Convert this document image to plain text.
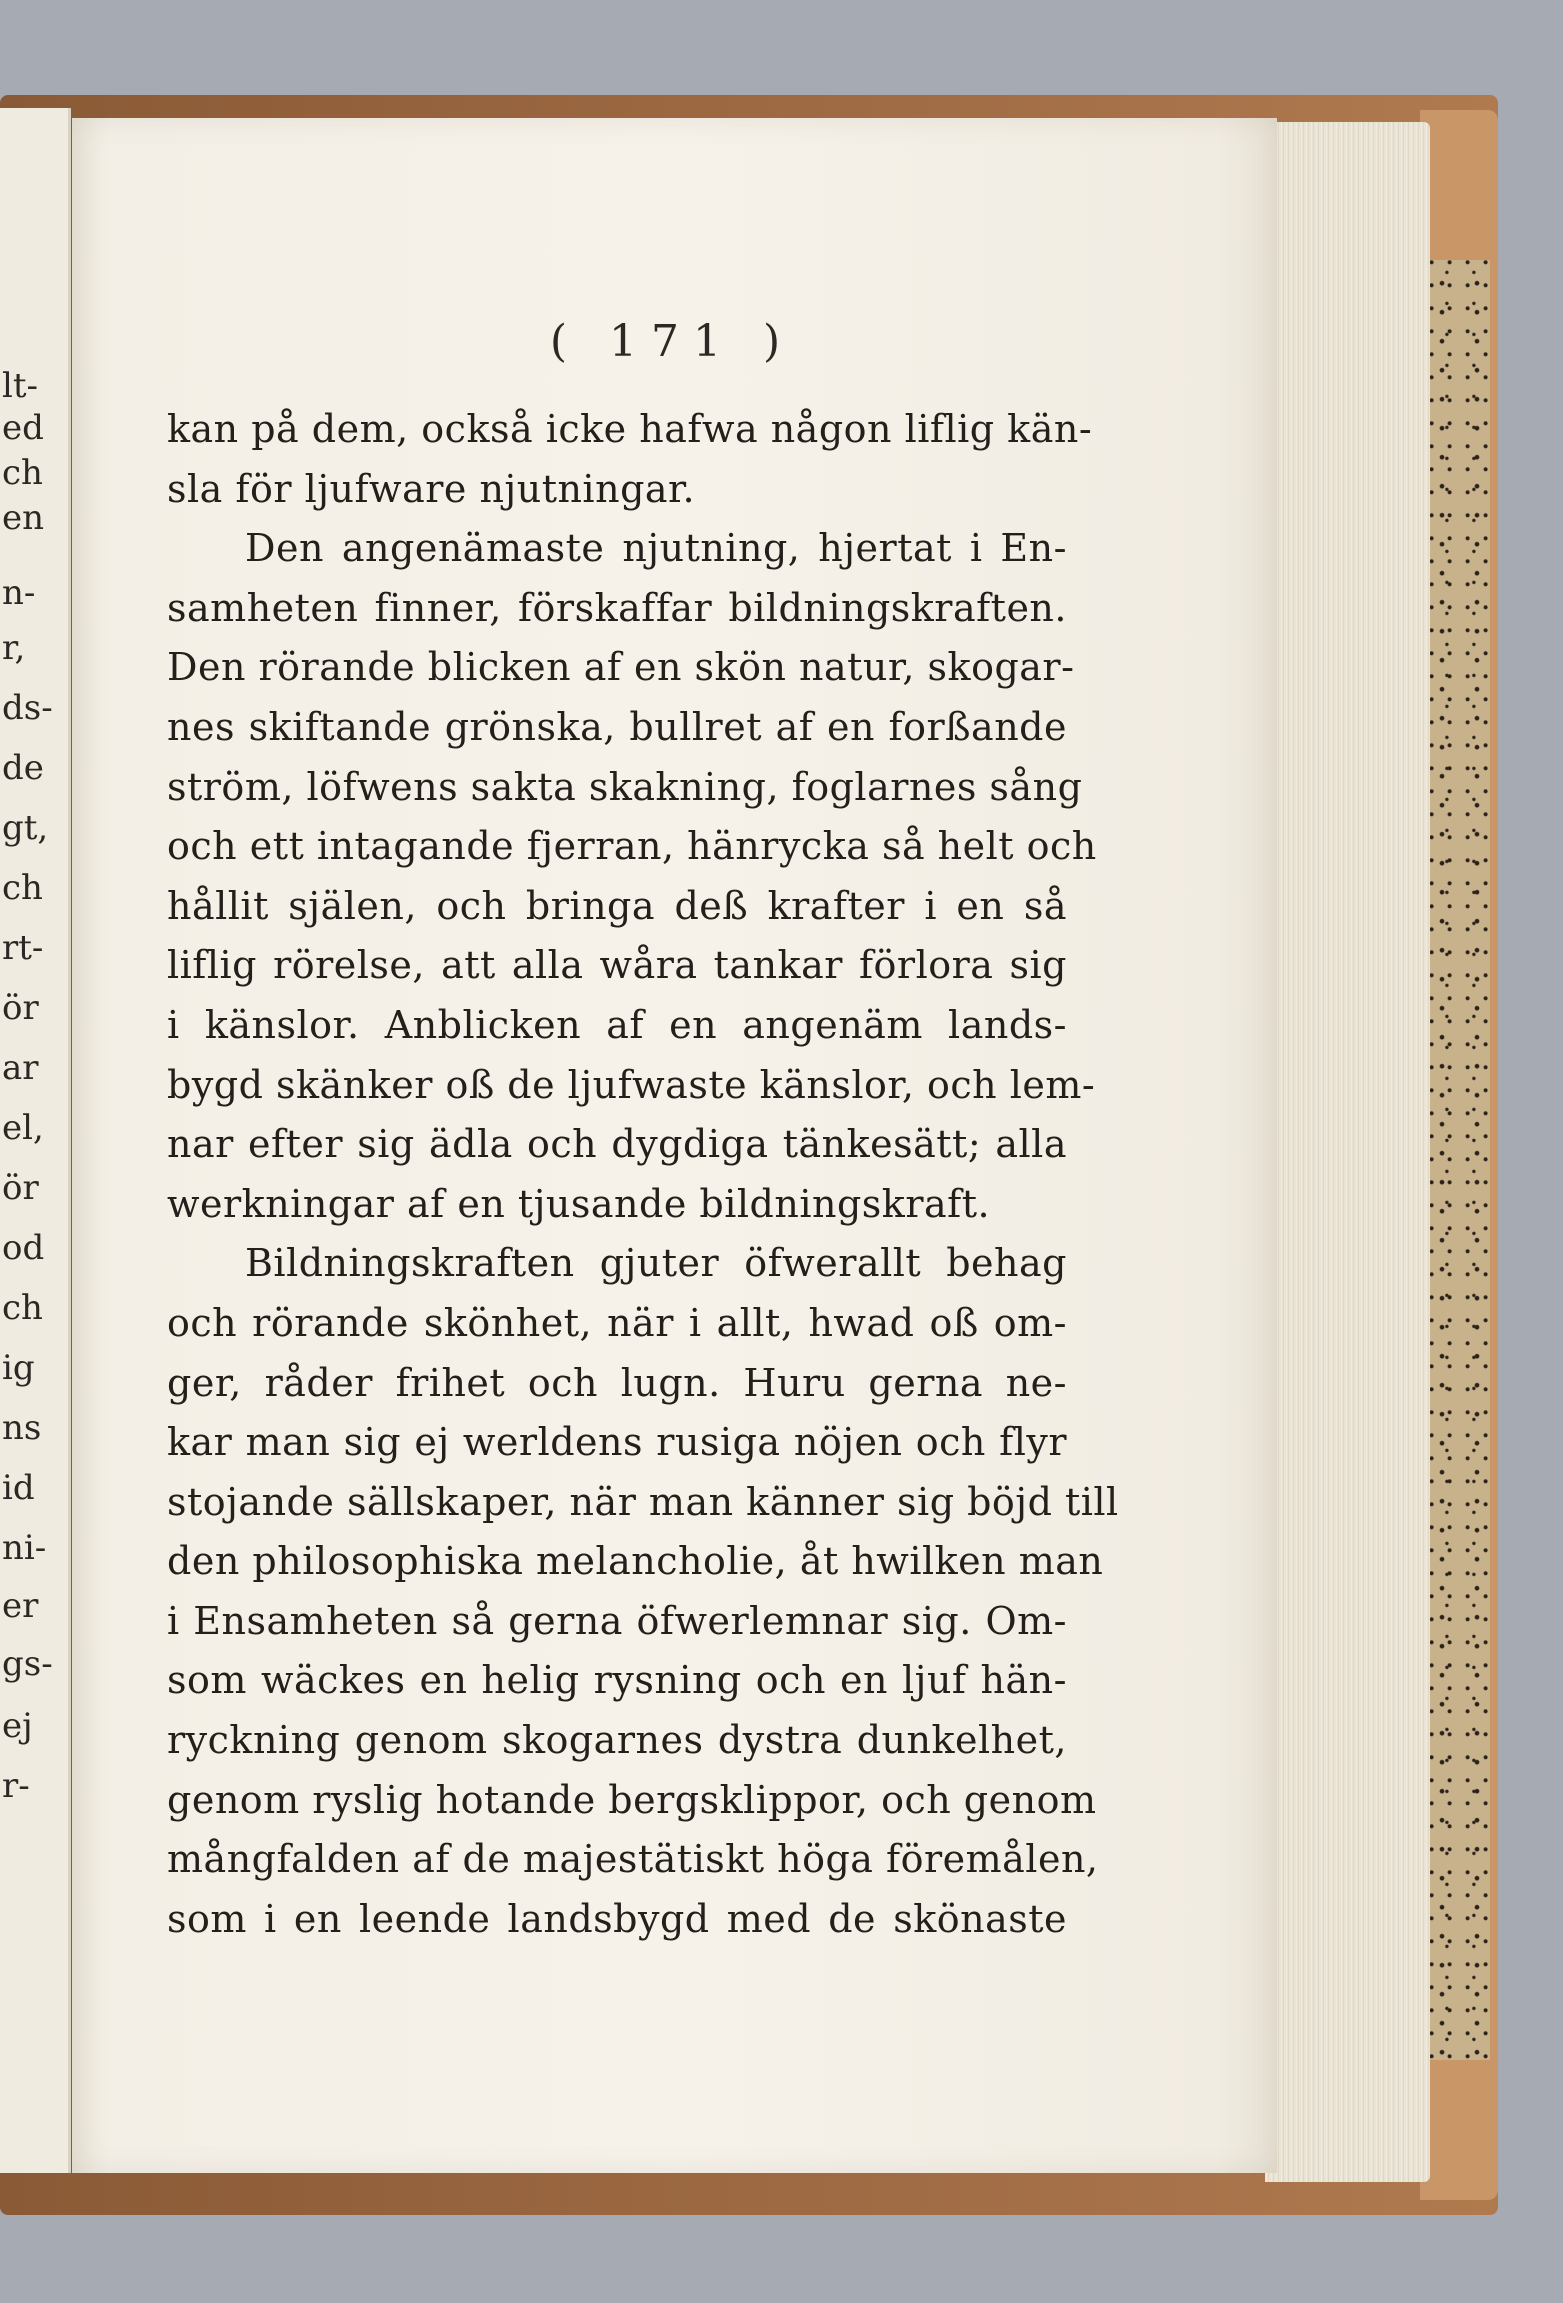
lt-
ed
ch
en
n-
r,
ds-
de
gt,
ch
rt-
ör
ar
el,
ör
od
ch
ig
ns
id
ni-
er
gs-
ej
r-
( 171 )
kan på dem, också icke hafwa någon liflig kän-
sla för ljufware njutningar.
Den angenämaste njutning, hjertat i En-
samheten finner, förskaffar bildningskraften.
Den rörande blicken af en skön natur, skogar-
nes skiftande grönska, bullret af en forßande
ström, löfwens sakta skakning, foglarnes sång
och ett intagande fjerran, hänrycka så helt och
hållit själen, och bringa deß krafter i en så
liflig rörelse, att alla wåra tankar förlora sig
i känslor. Anblicken af en angenäm lands-
bygd skänker oß de ljufwaste känslor, och lem-
nar efter sig ädla och dygdiga tänkesätt; alla
werkningar af en tjusande bildningskraft.
Bildningskraften gjuter öfwerallt behag
och rörande skönhet, när i allt, hwad oß om-
ger, råder frihet och lugn. Huru gerna ne-
kar man sig ej werldens rusiga nöjen och flyr
stojande sällskaper, när man känner sig böjd till
den philosophiska melancholie, åt hwilken man
i Ensamheten så gerna öfwerlemnar sig. Om-
som wäckes en helig rysning och en ljuf hän-
ryckning genom skogarnes dystra dunkelhet,
genom ryslig hotande bergsklippor, och genom
mångfalden af de majestätiskt höga föremålen,
som i en leende landsbygd med de skönaste
